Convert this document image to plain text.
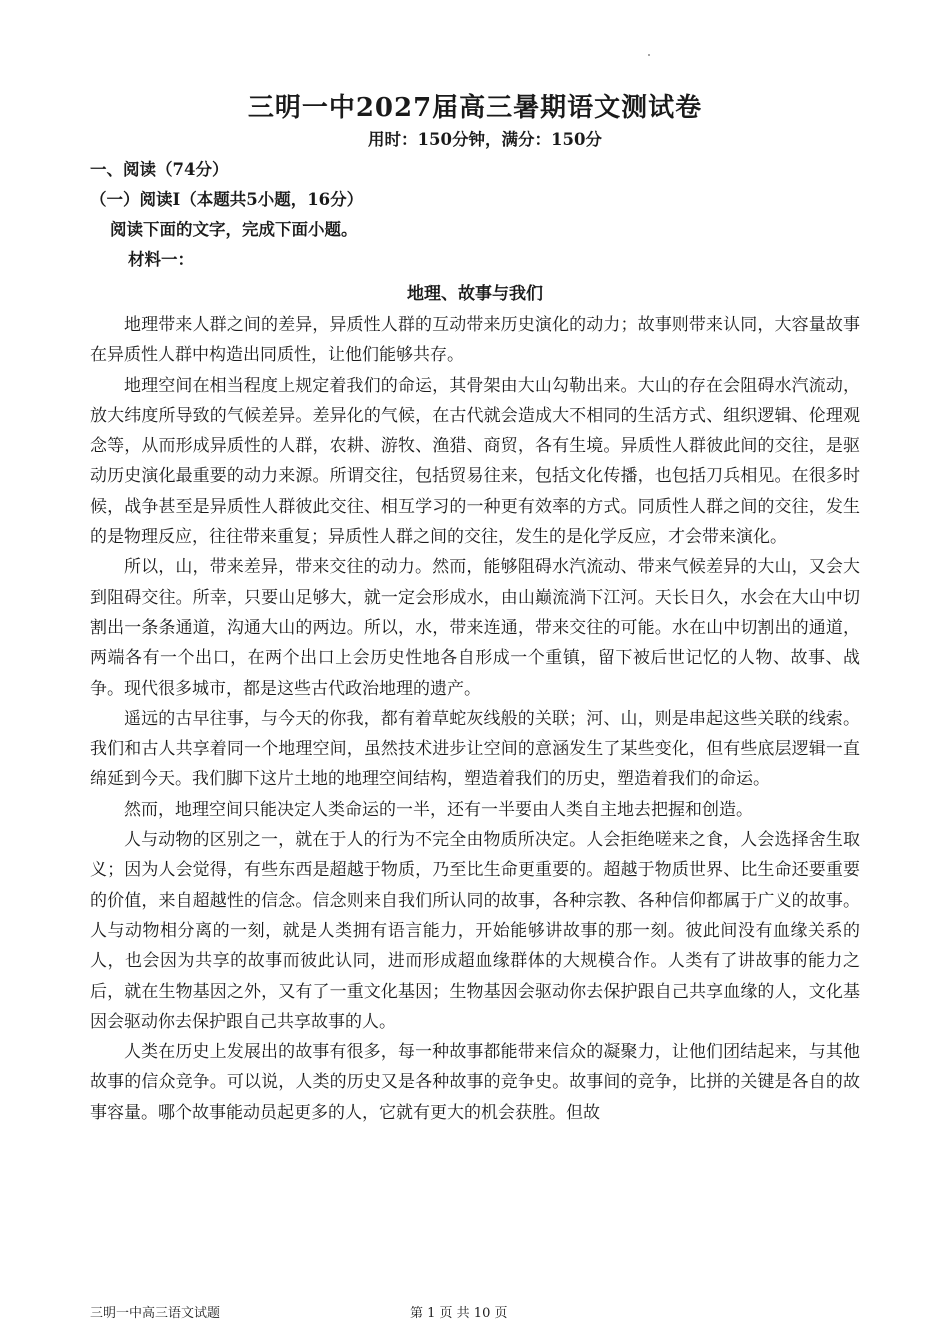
三明一中2027届高三暑期语文测试卷
用时：150分钟，满分：150分
一、阅读（74分）
（一）阅读I（本题共5小题，16分）
阅读下面的文字，完成下面小题。
材料一：
地理、故事与我们

地理带来人群之间的差异，异质性人群的互动带来历史演化的动力；故事则带来认同，大容量故事在异质性人群中构造出同质性，让他们能够共存。

地理空间在相当程度上规定着我们的命运，其骨架由大山勾勒出来。大山的存在会阻碍水汽流动，放大纬度所导致的气候差异。差异化的气候，在古代就会造成大不相同的生活方式、组织逻辑、伦理观念等，从而形成异质性的人群，农耕、游牧、渔猎、商贸，各有生境。异质性人群彼此间的交往，是驱动历史演化最重要的动力来源。所谓交往，包括贸易往来，包括文化传播，也包括刀兵相见。在很多时候，战争甚至是异质性人群彼此交往、相互学习的一种更有效率的方式。同质性人群之间的交往，发生的是物理反应，往往带来重复；异质性人群之间的交往，发生的是化学反应，才会带来演化。

所以，山，带来差异，带来交往的动力。然而，能够阻碍水汽流动、带来气候差异的大山，又会大到阻碍交往。所幸，只要山足够大，就一定会形成水，由山巅流淌下江河。天长日久，水会在大山中切割出一条条通道，沟通大山的两边。所以，水，带来连通，带来交往的可能。水在山中切割出的通道，两端各有一个出口，在两个出口上会历史性地各自形成一个重镇，留下被后世记忆的人物、故事、战争。现代很多城市，都是这些古代政治地理的遗产。

遥远的古早往事，与今天的你我，都有着草蛇灰线般的关联；河、山，则是串起这些关联的线索。我们和古人共享着同一个地理空间，虽然技术进步让空间的意涵发生了某些变化，但有些底层逻辑一直绵延到今天。我们脚下这片土地的地理空间结构，塑造着我们的历史，塑造着我们的命运。

然而，地理空间只能决定人类命运的一半，还有一半要由人类自主地去把握和创造。

人与动物的区别之一，就在于人的行为不完全由物质所决定。人会拒绝嗟来之食，人会选择舍生取义；因为人会觉得，有些东西是超越于物质，乃至比生命更重要的。超越于物质世界、比生命还要重要的价值，来自超越性的信念。信念则来自我们所认同的故事，各种宗教、各种信仰都属于广义的故事。人与动物相分离的一刻，就是人类拥有语言能力，开始能够讲故事的那一刻。彼此间没有血缘关系的人，也会因为共享的故事而彼此认同，进而形成超血缘群体的大规模合作。人类有了讲故事的能力之后，就在生物基因之外，又有了一重文化基因；生物基因会驱动你去保护跟自己共享血缘的人，文化基因会驱动你去保护跟自己共享故事的人。

人类在历史上发展出的故事有很多，每一种故事都能带来信众的凝聚力，让他们团结起来，与其他故事的信众竞争。可以说，人类的历史又是各种故事的竞争史。故事间的竞争，比拼的关键是各自的故事容量。哪个故事能动员起更多的人，它就有更大的机会获胜。但故

三明一中高三语文试题	第 1 页 共 10 页
